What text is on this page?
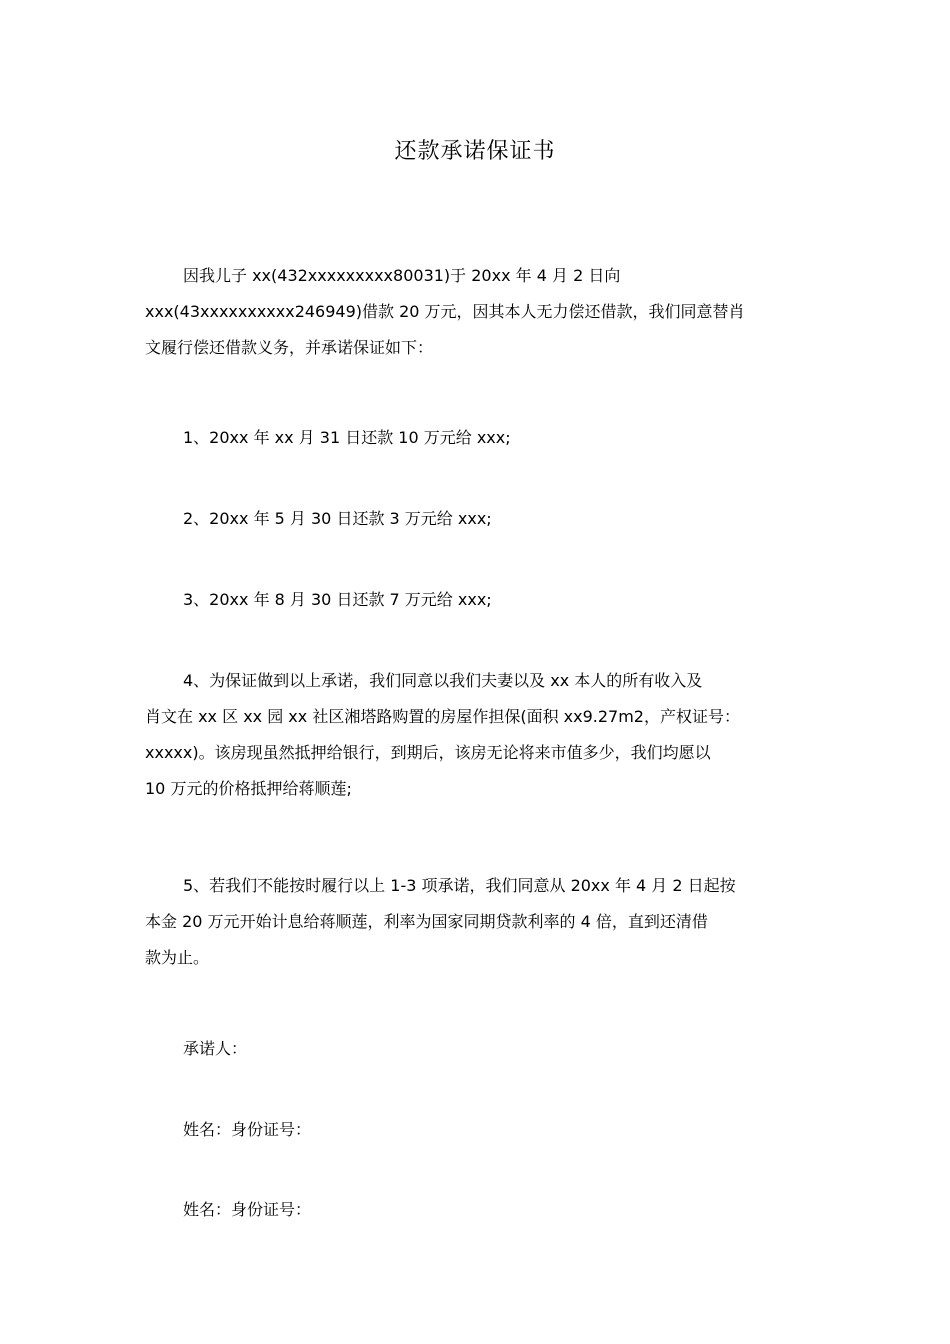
还款承诺保证书
因我儿子 xx(432xxxxxxxxx80031)于 20xx 年 4 月 2 日向
xxx(43xxxxxxxxxx246949)借款 20 万元，因其本人无力偿还借款，我们同意替肖
文履行偿还借款义务，并承诺保证如下：
1、20xx 年 xx 月 31 日还款 10 万元给 xxx;
2、20xx 年 5 月 30 日还款 3 万元给 xxx;
3、20xx 年 8 月 30 日还款 7 万元给 xxx;
4、为保证做到以上承诺，我们同意以我们夫妻以及 xx 本人的所有收入及
肖文在 xx 区 xx 园 xx 社区湘塔路购置的房屋作担保(面积 xx9.27m2，产权证号：
xxxxx)。该房现虽然抵押给银行，到期后，该房无论将来市值多少，我们均愿以
10 万元的价格抵押给蒋顺莲;
5、若我们不能按时履行以上 1-3 项承诺，我们同意从 20xx 年 4 月 2 日起按
本金 20 万元开始计息给蒋顺莲，利率为国家同期贷款利率的 4 倍，直到还清借
款为止。
承诺人：
姓名：身份证号：
姓名：身份证号：
